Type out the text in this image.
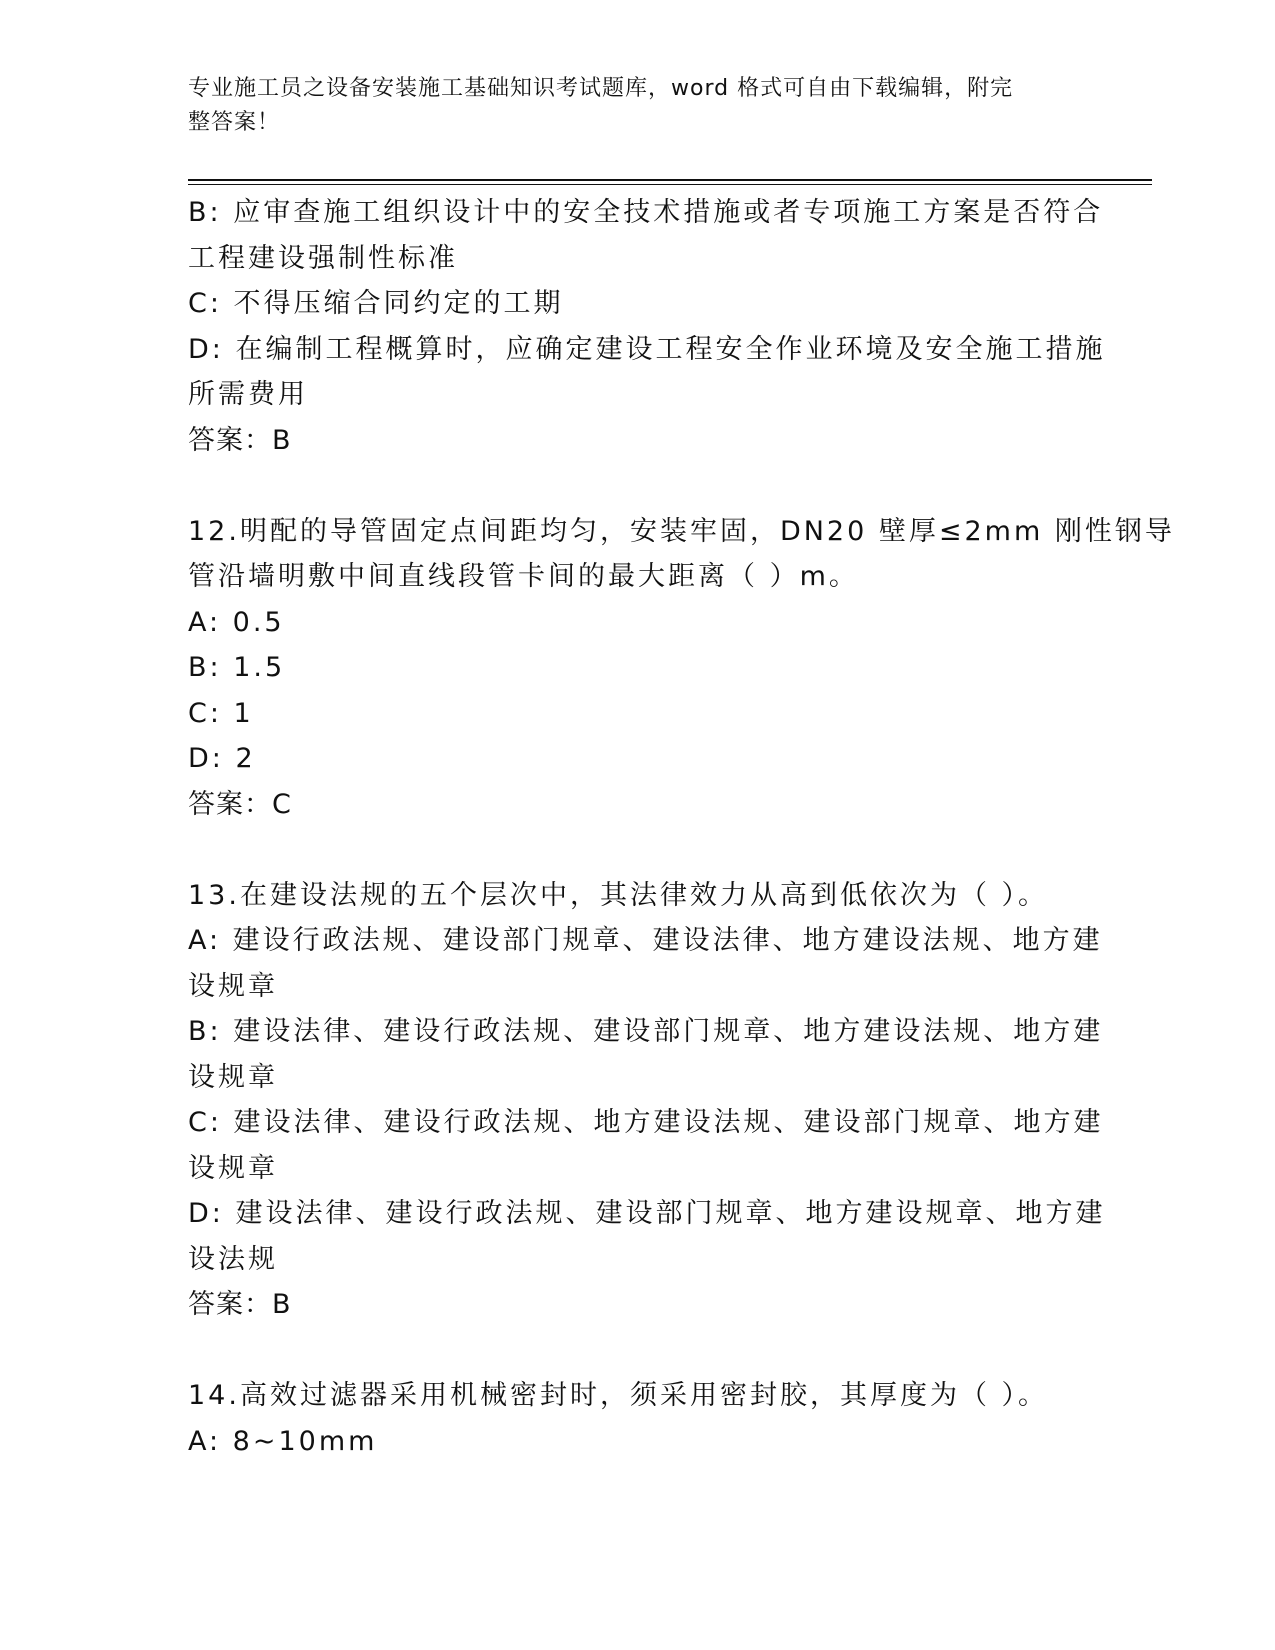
专业施工员之设备安装施工基础知识考试题库，word 格式可自由下载编辑，附完
整答案！
B: 应审查施工组织设计中的安全技术措施或者专项施工方案是否符合
工程建设强制性标准
C: 不得压缩合同约定的工期
D: 在编制工程概算时，应确定建设工程安全作业环境及安全施工措施
所需费用
答案：B
12.明配的导管固定点间距均匀，安装牢固，DN20 壁厚≤2mm 刚性钢导
管沿墙明敷中间直线段管卡间的最大距离（ ）m。
A: 0.5
B: 1.5
C: 1
D: 2
答案：C
13.在建设法规的五个层次中，其法律效力从高到低依次为（ ）。
A: 建设行政法规、建设部门规章、建设法律、地方建设法规、地方建
设规章
B: 建设法律、建设行政法规、建设部门规章、地方建设法规、地方建
设规章
C: 建设法律、建设行政法规、地方建设法规、建设部门规章、地方建
设规章
D: 建设法律、建设行政法规、建设部门规章、地方建设规章、地方建
设法规
答案：B
14.高效过滤器采用机械密封时，须采用密封胶，其厚度为（ ）。
A: 8~10mm
